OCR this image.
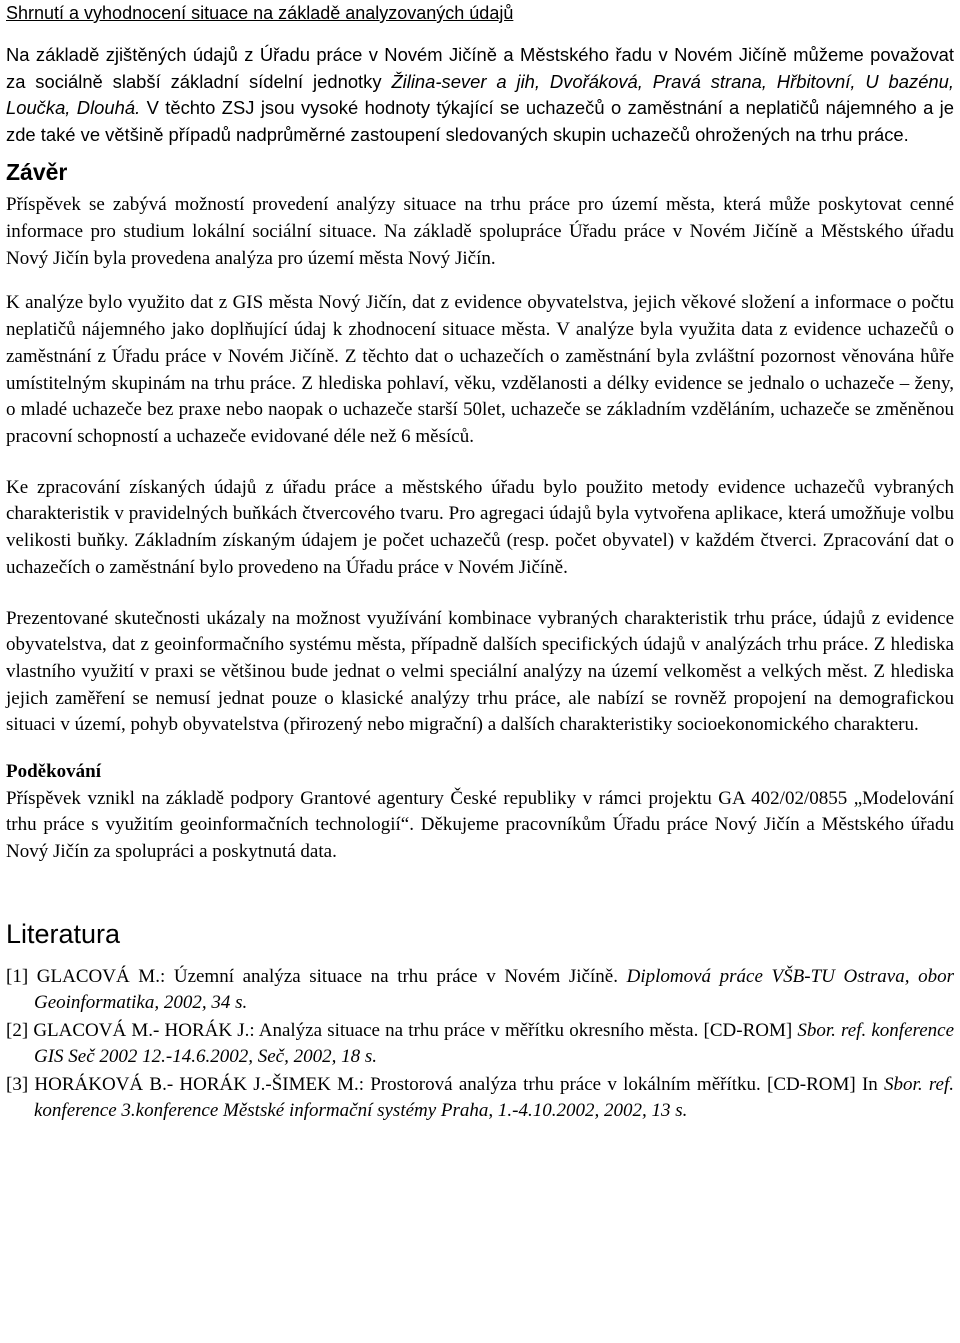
Shrnutí a vyhodnocení situace na základě analyzovaných údajů

Na základě zjištěných údajů z Úřadu práce v Novém Jičíně a Městského řadu v Novém Jičíně můžeme považovat za sociálně slabší základní sídelní jednotky Žilina-sever a jih, Dvořáková, Pravá strana, Hřbitovní, U bazénu, Loučka, Dlouhá. V těchto ZSJ jsou vysoké hodnoty týkající se uchazečů o zaměstnání a neplatičů nájemného a je zde také ve většině případů nadprůměrné zastoupení sledovaných skupin uchazečů ohrožených na trhu práce.

Závěr

Příspěvek se zabývá možností provedení analýzy situace na trhu práce pro území města, která může poskytovat cenné informace pro studium lokální sociální situace. Na základě spolupráce Úřadu práce v Novém Jičíně a Městského úřadu Nový Jičín byla provedena analýza pro území města Nový Jičín.

K analýze bylo využito dat z GIS města Nový Jičín, dat z evidence obyvatelstva, jejich věkové složení a informace o počtu neplatičů nájemného jako doplňující údaj k zhodnocení situace města. V analýze byla využita data z evidence uchazečů o zaměstnání z Úřadu práce v Novém Jičíně. Z těchto dat o uchazečích o zaměstnání byla zvláštní pozornost věnována hůře umístitelným skupinám na trhu práce. Z hlediska pohlaví, věku, vzdělanosti a délky evidence se jednalo o uchazeče – ženy, o mladé uchazeče bez praxe nebo naopak o uchazeče starší 50let, uchazeče se základním vzděláním, uchazeče se změněnou pracovní schopností a uchazeče evidované déle než 6 měsíců.

Ke zpracování získaných údajů z úřadu práce a městského úřadu bylo použito metody evidence uchazečů vybraných charakteristik v pravidelných buňkách čtvercového tvaru. Pro agregaci údajů byla vytvořena aplikace, která umožňuje volbu velikosti buňky. Základním získaným údajem je počet uchazečů (resp. počet obyvatel) v každém čtverci. Zpracování dat o uchazečích o zaměstnání bylo provedeno na Úřadu práce v Novém Jičíně.

Prezentované skutečnosti ukázaly na možnost využívání kombinace vybraných charakteristik trhu práce, údajů z evidence obyvatelstva, dat z geoinformačního systému města, případně dalších specifických údajů v analýzách trhu práce. Z hlediska vlastního využití v praxi se většinou bude jednat o velmi speciální analýzy na území velkoměst a velkých měst. Z hlediska jejich zaměření se nemusí jednat pouze o klasické analýzy trhu práce, ale nabízí se rovněž propojení na demografickou situaci v území, pohyb obyvatelstva (přirozený nebo migrační) a dalších charakteristiky socioekonomického charakteru.

Poděkování

Příspěvek vznikl na základě podpory Grantové agentury České republiky v rámci projektu GA 402/02/0855 „Modelování trhu práce s využitím geoinformačních technologií“. Děkujeme pracovníkům Úřadu práce Nový Jičín a Městského úřadu Nový Jičín za spolupráci a poskytnutá data.

Literatura

[1] GLACOVÁ M.: Územní analýza situace na trhu práce v Novém Jičíně. Diplomová práce VŠB-TU Ostrava, obor Geoinformatika, 2002, 34 s.

[2] GLACOVÁ M.- HORÁK J.: Analýza situace na trhu práce v měřítku okresního města. [CD-ROM] Sbor. ref. konference GIS Seč 2002 12.-14.6.2002, Seč, 2002, 18 s.

[3] HORÁKOVÁ B.- HORÁK J.-ŠIMEK M.: Prostorová analýza trhu práce v lokálním měřítku. [CD-ROM] In Sbor. ref. konference 3.konference Městské informační systémy Praha, 1.-4.10.2002, 2002, 13 s.
